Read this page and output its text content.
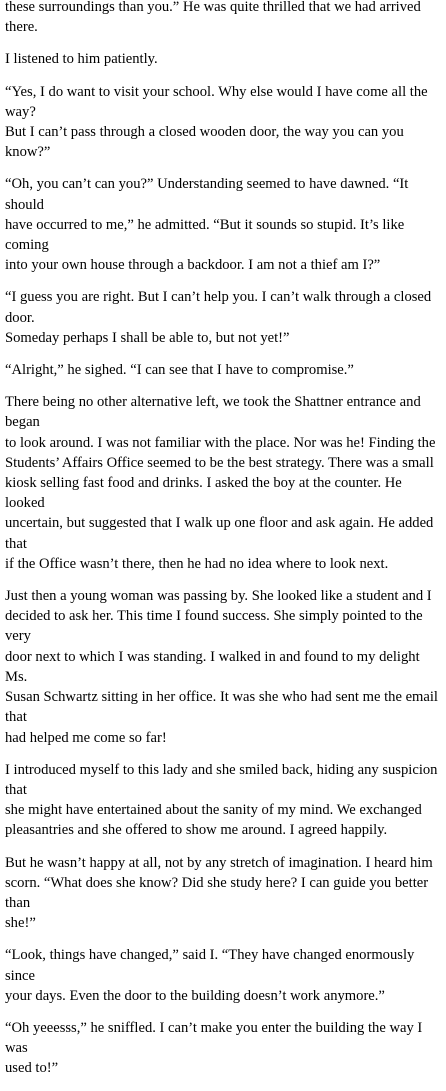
these surroundings than you.” He was quite thrilled that we had arrived there.

I listened to him patiently.

“Yes, I do want to visit your school. Why else would I have come all the way?
But I can’t pass through a closed wooden door, the way you can you know?”

“Oh, you can’t can you?” Understanding seemed to have dawned. “It should
have occurred to me,” he admitted. “But it sounds so stupid. It’s like coming
into your own house through a backdoor. I am not a thief am I?”

“I guess you are right. But I can’t help you. I can’t walk through a closed door.
Someday perhaps I shall be able to, but not yet!”

“Alright,” he sighed. “I can see that I have to compromise.”

There being no other alternative left, we took the Shattner entrance and began
to look around. I was not familiar with the place. Nor was he! Finding the
Students’ Affairs Office seemed to be the best strategy. There was a small
kiosk selling fast food and drinks. I asked the boy at the counter. He looked
uncertain, but suggested that I walk up one floor and ask again. He added that
if the Office wasn’t there, then he had no idea where to look next.

Just then a young woman was passing by. She looked like a student and I
decided to ask her. This time I found success. She simply pointed to the very
door next to which I was standing. I walked in and found to my delight Ms.
Susan Schwartz sitting in her office. It was she who had sent me the email that
had helped me come so far!

I introduced myself to this lady and she smiled back, hiding any suspicion that
she might have entertained about the sanity of my mind. We exchanged
pleasantries and she offered to show me around. I agreed happily.

But he wasn’t happy at all, not by any stretch of imagination. I heard him
scorn. “What does she know? Did she study here? I can guide you better than
she!”

“Look, things have changed,” said I. “They have changed enormously since
your days. Even the door to the building doesn’t work anymore.”

“Oh yeeesss,” he sniffled. I can’t make you enter the building the way I was
used to!”
